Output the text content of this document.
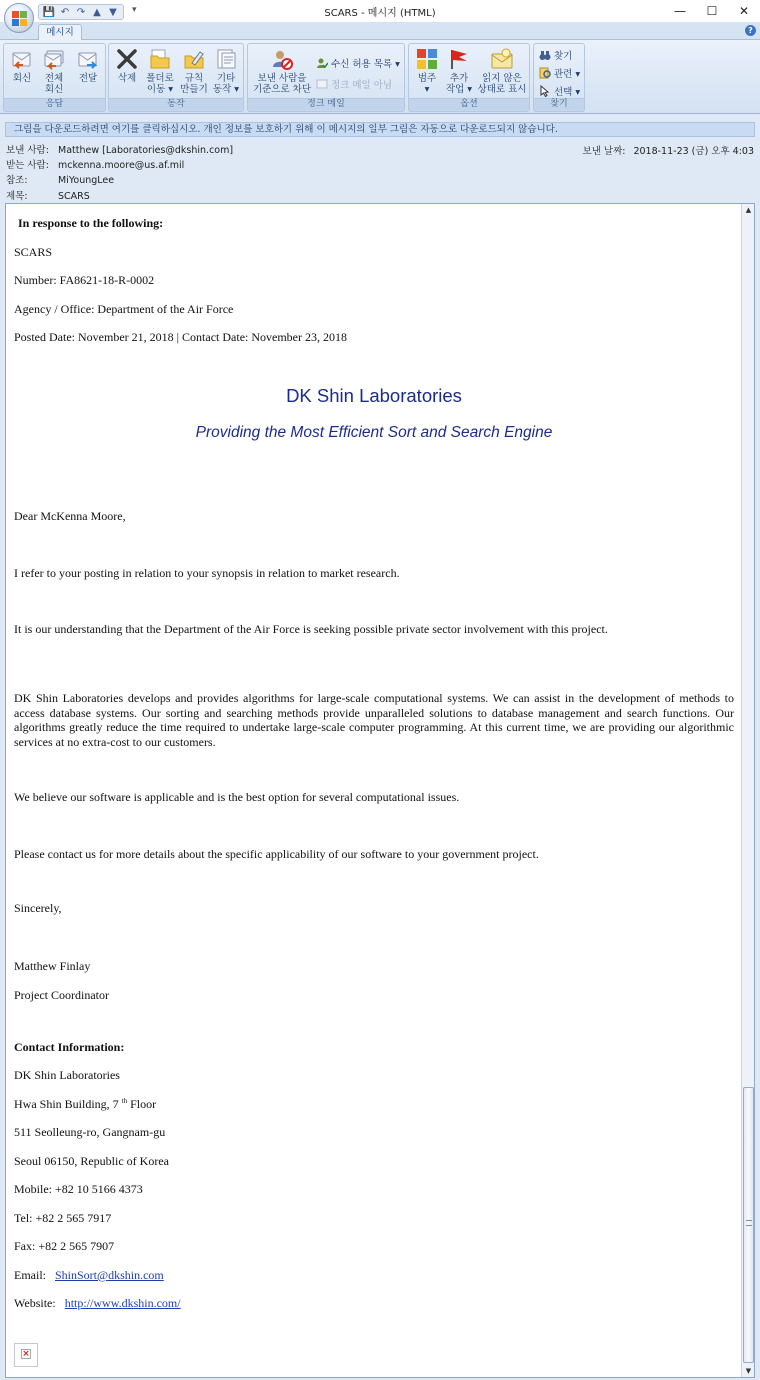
💾 ↶ ↷ ▲ ▼	▾	SCARS - 메시지 (HTML)	—	☐	✕
메시지	?
회신	전체
회신
전달
응답
삭제	폴더로
이동 ▾
규칙
만들기
기타
동작 ▾
동작
보낸 사람을
기준으로 차단
수신 허용 목록 ▾
정크 메일 아님
정크 메일
범주
▾
추가
작업 ▾
읽지 않은
상태로 표시
옵션
찾기
관련 ▾
선택 ▾
찾기
그림을 다운로드하려면 여기를 클릭하십시오. 개인 정보를 보호하기 위해 이 메시지의 일부 그림은 자동으로 다운로드되지 않습니다.
보낸 사람: Matthew [Laboratories@dkshin.com]
받는 사람: mckenna.moore@us.af.mil
참조:	MiYoungLee
제목:	SCARS
보낸 날짜: 2018-11-23 (금) 오후 4:03

In response to the following:

SCARS

Number: FA8621-18-R-0002

Agency / Office: Department of the Air Force

Posted Date: November 21, 2018 | Contact Date: November 23, 2018

DK Shin Laboratories
Providing the Most Efficient Sort and Search Engine

Dear McKenna Moore,

I refer to your posting in relation to your synopsis in relation to market research.

It is our understanding that the Department of the Air Force is seeking possible private sector involvement with this project.

DK Shin Laboratories develops and provides algorithms for large-scale computational systems. We can assist in the development of methods to access database systems. Our sorting and searching methods provide unparalleled solutions to database management and search functions. Our algorithms greatly reduce the time required to undertake large-scale computer programming. At this current time, we are providing our algorithmic services at no extra-cost to our customers.

We believe our software is applicable and is the best option for several computational issues.

Please contact us for more details about the specific applicability of our software to your government project.

Sincerely,

Matthew Finlay

Project Coordinator

Contact Information:

DK Shin Laboratories

Hwa Shin Building, 7 $^{th}$ Floor

511 Seolleung-ro, Gangnam-gu

Seoul 06150, Republic of Korea

Mobile: +82 10 5166 4373

Tel: +82 2 565 7917

Fax: +82 2 565 7907

Email: ShinSort@dkshin.com

Website: http://www.dkshin.com/

×
▲
▼
